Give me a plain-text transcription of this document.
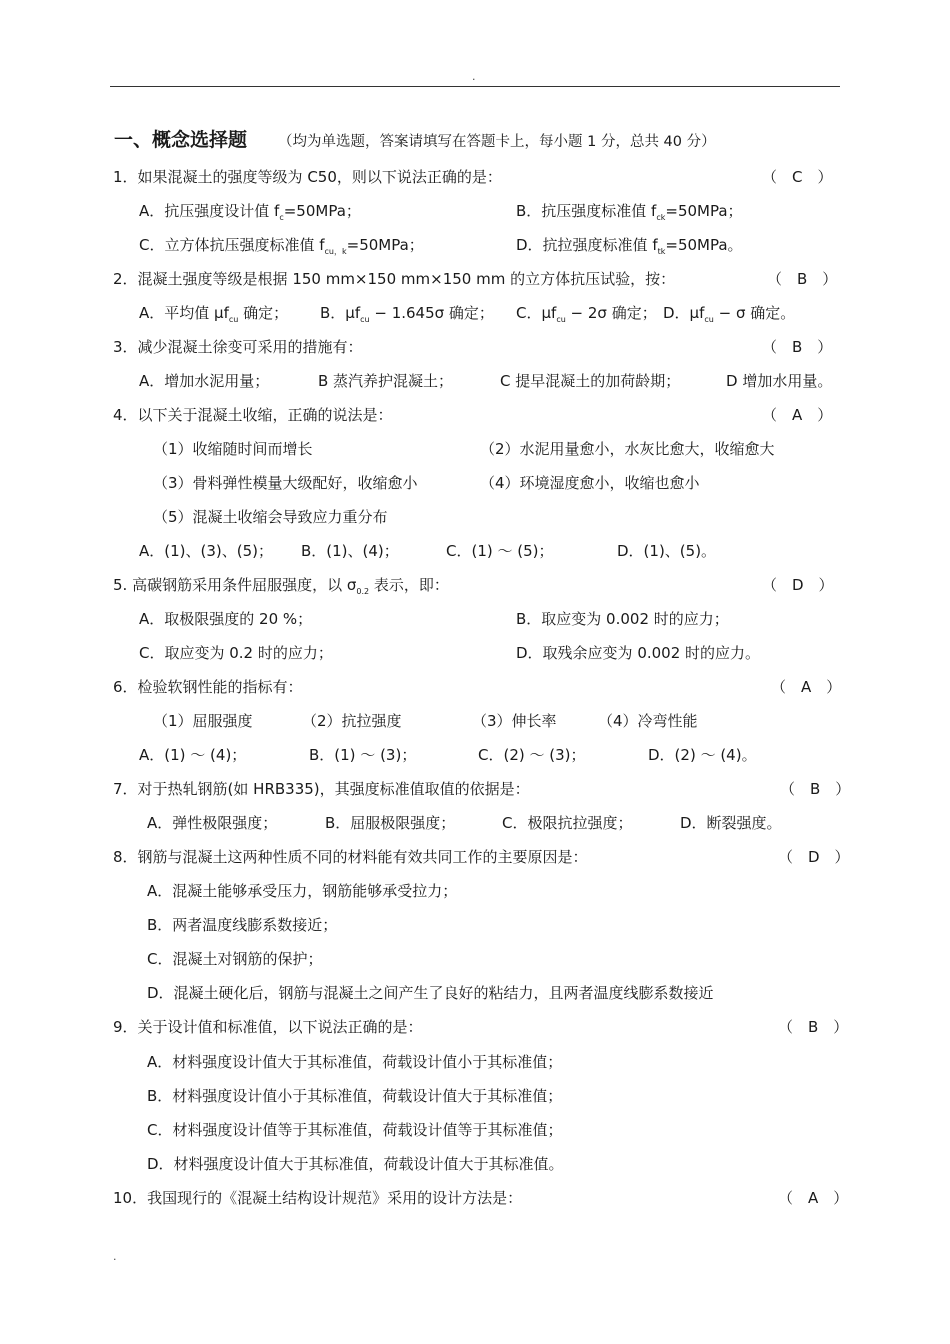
.
一、概念选择题 （均为单选题，答案请填写在答题卡上，每小题 1 分，总共 40 分）
1．如果混凝土的强度等级为 C50，则以下说法正确的是：	（　C　）
A．抗压强度设计值 $f_c=50MPa$；	B．抗压强度标准值 $f_{ck}=50MPa$；
C．立方体抗压强度标准值 $f_{cu,k}=50MPa$；	D．抗拉强度标准值 $f_{tk}=50MPa$。
2．混凝土强度等级是根据 150 mm×150 mm×150 mm 的立方体抗压试验，按：	（　B　）
A．平均值 $\mu f_{cu}$ 确定； B．$\mu f_{cu} - 1.645\sigma$ 确定； C．$\mu f_{cu} - 2\sigma$ 确定； D．$\mu f_{cu} - \sigma$ 确定。
3．减少混凝土徐变可采用的措施有：	（　B　）
A．增加水泥用量；	B 蒸汽养护混凝土；	C 提早混凝土的加荷龄期；	D 增加水用量。
4．以下关于混凝土收缩，正确的说法是：	（　A　）
（1）收缩随时间而增长	（2）水泥用量愈小，水灰比愈大，收缩愈大
（3）骨料弹性模量大级配好，收缩愈小	（4）环境湿度愈小，收缩也愈小
（5）混凝土收缩会导致应力重分布
A．(1)、(3)、(5)； B．(1)、(4)；	C．(1) ～ (5)；	D．(1)、(5)。
5. 高碳钢筋采用条件屈服强度，以 $\sigma_{0.2}$ 表示，即：	（　D　）
A．取极限强度的 20 %；	B．取应变为 0.002 时的应力；
C．取应变为 0.2 时的应力；	D．取残余应变为 0.002 时的应力。
6．检验软钢性能的指标有：	（　A　）
（1）屈服强度	（2）抗拉强度	（3）伸长率	（4）冷弯性能
A．(1) ～ (4)；	B．(1) ～ (3)；	C．(2) ～ (3)；	D．(2) ～ (4)。
7．对于热轧钢筋(如 HRB335)，其强度标准值取值的依据是：	（　B　）
A．弹性极限强度；	B．屈服极限强度；	C．极限抗拉强度；	D．断裂强度。
8．钢筋与混凝土这两种性质不同的材料能有效共同工作的主要原因是：	（　D　）
A．混凝土能够承受压力，钢筋能够承受拉力；
B．两者温度线膨系数接近；
C．混凝土对钢筋的保护；
D．混凝土硬化后，钢筋与混凝土之间产生了良好的粘结力，且两者温度线膨系数接近
9．关于设计值和标准值，以下说法正确的是：	（　B　）
A．材料强度设计值大于其标准值，荷载设计值小于其标准值；
B．材料强度设计值小于其标准值，荷载设计值大于其标准值；
C．材料强度设计值等于其标准值，荷载设计值等于其标准值；
D．材料强度设计值大于其标准值，荷载设计值大于其标准值。
10．我国现行的《混凝土结构设计规范》采用的设计方法是：	（　A　）
.
